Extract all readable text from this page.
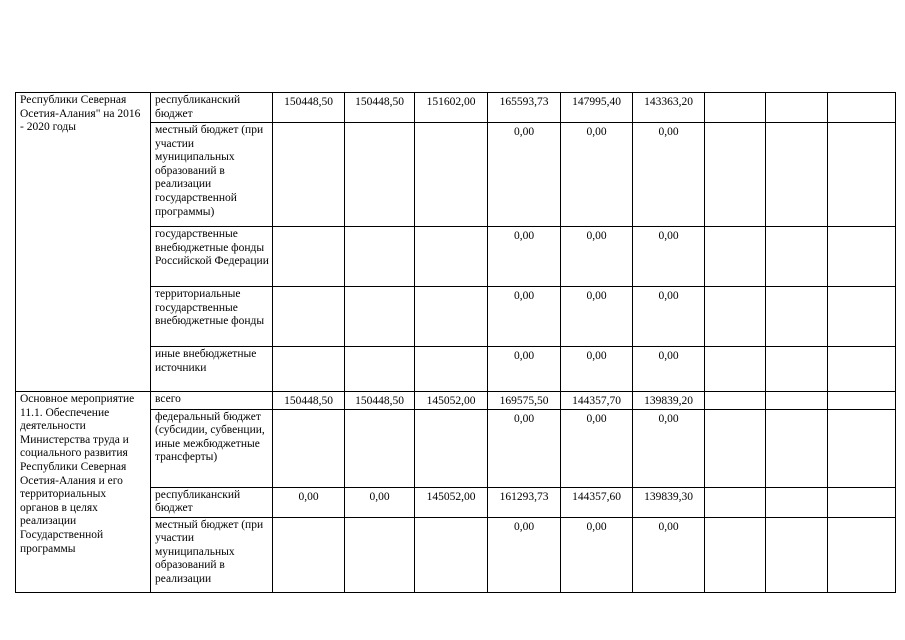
Республики Северная Осетия-Алания" на 2016 - 2020 годы	республиканский бюджет	150448,50	150448,50	151602,00	165593,73	147995,40	143363,20			
	местный бюджет (при участии муниципальных образований в реализации государственной программы)				0,00	0,00	0,00			
	государственные внебюджетные фонды Российской Федерации				0,00	0,00	0,00			
	территориальные государственные внебюджетные фонды				0,00	0,00	0,00			
	иные внебюджетные источники				0,00	0,00	0,00			
Основное мероприятие 11.1. Обеспечение деятельности Министерства труда и социального развития Республики Северная Осетия-Алания и его территориальных органов в целях реализации Государственной программы	всего	150448,50	150448,50	145052,00	169575,50	144357,70	139839,20			
	федеральный бюджет (субсидии, субвенции, иные межбюджетные трансферты)				0,00	0,00	0,00			
	республиканский бюджет	0,00	0,00	145052,00	161293,73	144357,60	139839,30			
	местный бюджет (при участии муниципальных образований в реализации				0,00	0,00	0,00			
